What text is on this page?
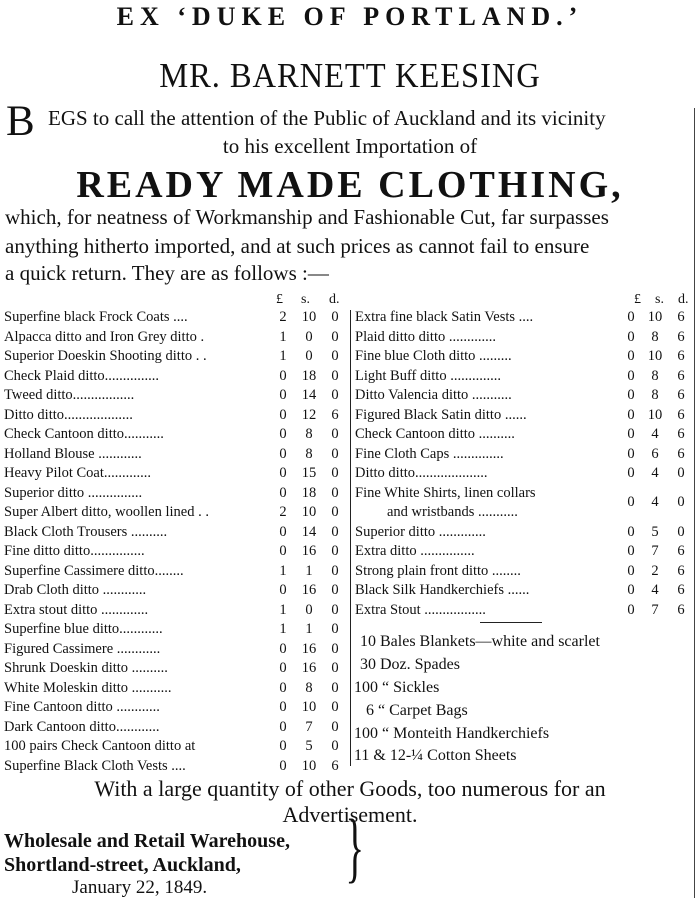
EX ‘DUKE OF PORTLAND.’
MR. BARNETT KEESING
B EGS to call the attention of the Public of Auckland and its vicinity
to his excellent Importation of
READY MADE CLOTHING,
which, for neatness of Workmanship and Fashionable Cut, far surpasses
anything hitherto imported, and at such prices as cannot fail to ensure
a quick return. They are as follows :—
£ s. d.	£ s. d.
Superfine black Frock Coats ....	2	10	0
Alpacca ditto and Iron Grey ditto .	1	0	0
Superior Doeskin Shooting ditto . .	1	0	0
Check Plaid ditto...............	0	18	0
Tweed ditto.................	0	14	0
Ditto ditto...................	0	12	6
Check Cantoon ditto...........	0	8	0
Holland Blouse ............	0	8	0
Heavy Pilot Coat.............	0	15	0
Superior ditto ...............	0	18	0
Super Albert ditto, woollen lined . .	2	10	0
Black Cloth Trousers ..........	0	14	0
Fine ditto ditto...............	0	16	0
Superfine Cassimere ditto........	1	1	0
Drab Cloth ditto ............	0	16	0
Extra stout ditto .............	1	0	0
Superfine blue ditto............	1	1	0
Figured Cassimere ............	0	16	0
Shrunk Doeskin ditto ..........	0	16	0
White Moleskin ditto ...........	0	8	0
Fine Cantoon ditto ............	0	10	0
Dark Cantoon ditto............	0	7	0
100 pairs Check Cantoon ditto at	0	5	0
Superfine Black Cloth Vests ....	0	10	6
Extra fine black Satin Vests ....	0 10	6
Plaid ditto ditto .............	0	8	6
Fine blue Cloth ditto .........	0 10	6
Light Buff ditto ..............	0	8	6
Ditto Valencia ditto ...........	0	8	6
Figured Black Satin ditto ......	0 10	6
Check Cantoon ditto ..........	0	4	6
Fine Cloth Caps ..............	0	6	6
Ditto ditto....................	0	4	0
Fine White Shirts, linen collars
and wristbands ...........
0	4	0
Superior ditto .............	0	5	0
Extra ditto ...............	0	7	6
Strong plain front ditto ........	0	2	6
Black Silk Handkerchiefs ......	0	4	6
Extra Stout .................	0	7	6
10 Bales Blankets—white and scarlet
30 Doz. Spades
100 “ Sickles
6 “ Carpet Bags
100 “ Monteith Handkerchiefs
11 & 12-¼ Cotton Sheets
With a large quantity of other Goods, too numerous for an
Advertisement.
Wholesale and Retail Warehouse,
Shortland-street, Auckland,
January 22, 1849. }
